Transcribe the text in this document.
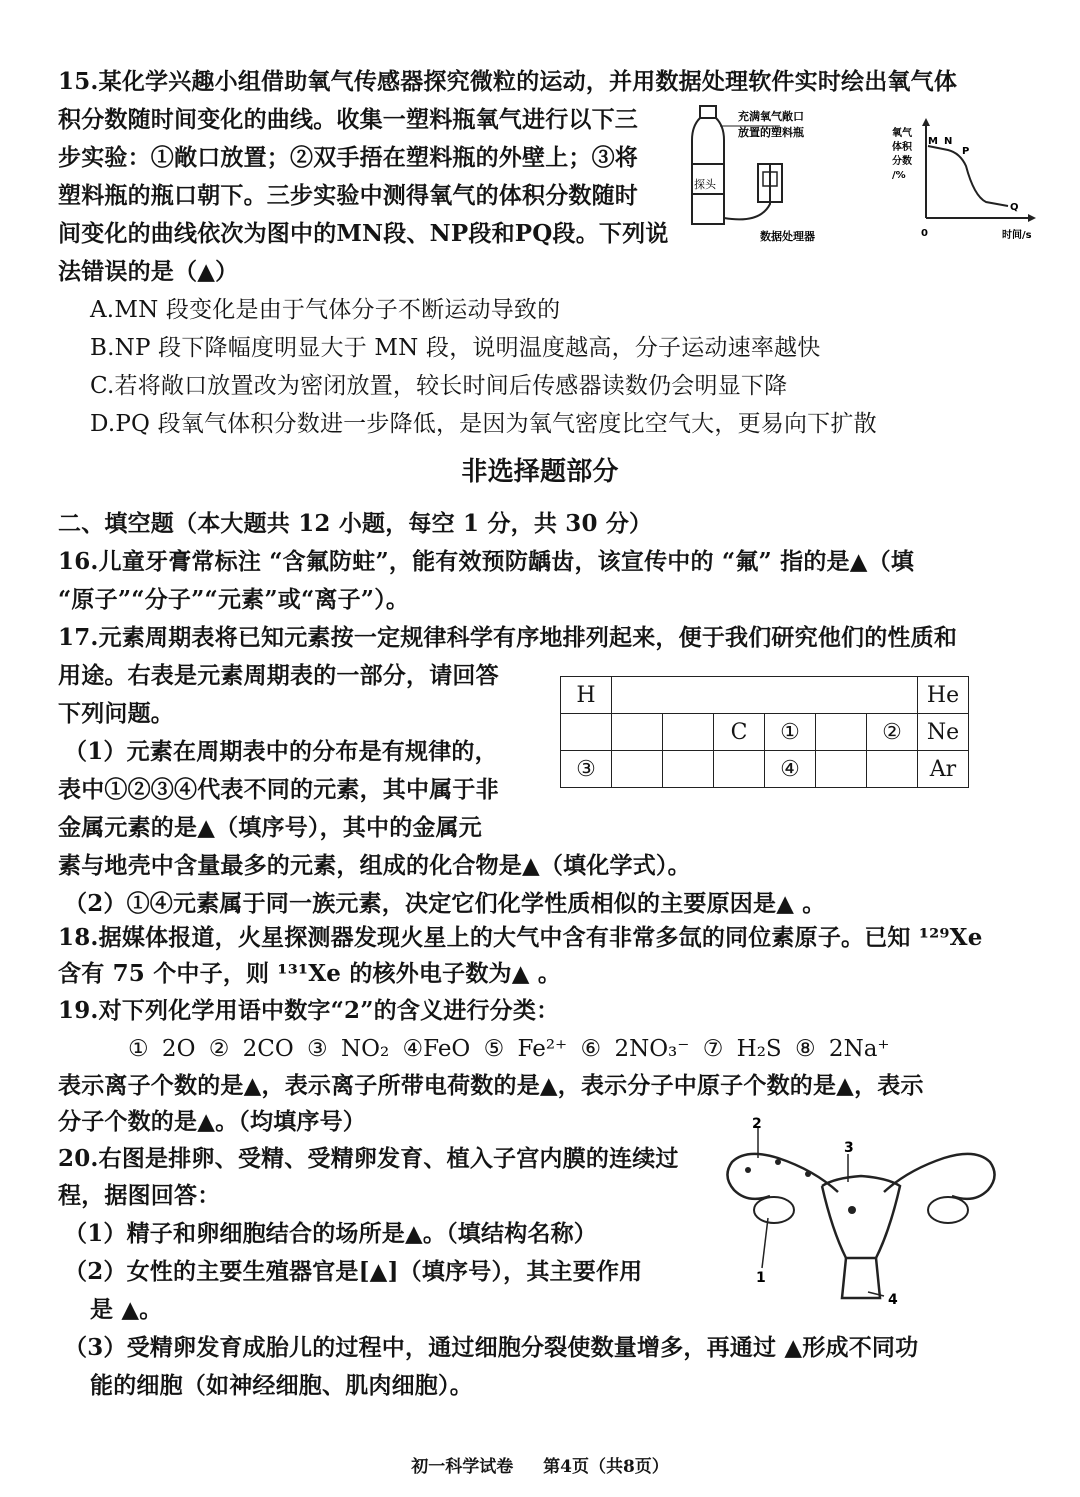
15.某化学兴趣小组借助氧气传感器探究微粒的运动，并用数据处理软件实时绘出氧气体
积分数随时间变化的曲线。收集一塑料瓶氧气进行以下三
步实验：①敞口放置；②双手捂在塑料瓶的外壁上；③将
塑料瓶的瓶口朝下。三步实验中测得氧气的体积分数随时
间变化的曲线依次为图中的MN段、NP段和PQ段。下列说
法错误的是（▲）
探头
充满氧气敞口
放置的塑料瓶
数据处理器
氧气
体积
分数
/%
M N
P
Q
0	时间/s
A.MN 段变化是由于气体分子不断运动导致的
B.NP 段下降幅度明显大于 MN 段，说明温度越高，分子运动速率越快
C.若将敞口放置改为密闭放置，较长时间后传感器读数仍会明显下降
D.PQ 段氧气体积分数进一步降低，是因为氧气密度比空气大，更易向下扩散
非选择题部分
二、填空题（本大题共 12 小题，每空 1 分，共 30 分）
16.儿童牙膏常标注 “含氟防蛀”，能有效预防龋齿，该宣传中的 “氟” 指的是▲（填
“原子”“分子”“元素”或“离子”）。
17.元素周期表将已知元素按一定规律科学有序地排列起来，便于我们研究他们的性质和
用途。右表是元素周期表的一部分，请回答
下列问题。
（1）元素在周期表中的分布是有规律的，
表中①②③④代表不同的元素，其中属于非
金属元素的是▲（填序号），其中的金属元
素与地壳中含量最多的元素，组成的化合物是▲（填化学式）。
（2）①④元素属于同一族元素，决定它们化学性质相似的主要原因是▲ 。
H							He
			C	①		②	Ne
③				④			Ar
18.据媒体报道，火星探测器发现火星上的大气中含有非常多氙的同位素原子。已知 ¹²⁹Xe
含有 75 个中子，则 ¹³¹Xe 的核外电子数为▲ 。
19.对下列化学用语中数字“2”的含义进行分类：
① 2O ② 2CO ③ NO₂ ④FeO ⑤ Fe²⁺ ⑥ 2NO₃⁻ ⑦ H₂S ⑧ 2Na⁺
表示离子个数的是▲，表示离子所带电荷数的是▲，表示分子中原子个数的是▲，表示
分子个数的是▲。（均填序号）
20.右图是排卵、受精、受精卵发育、植入子宫内膜的连续过
程，据图回答：
（1）精子和卵细胞结合的场所是▲。（填结构名称）
（2）女性的主要生殖器官是[▲]（填序号），其主要作用
是 ▲。
（3）受精卵发育成胎儿的过程中，通过细胞分裂使数量增多，再通过 ▲形成不同功
能的细胞（如神经细胞、肌肉细胞）。
2
3
1
4
初一科学试卷 第4页（共8页）
